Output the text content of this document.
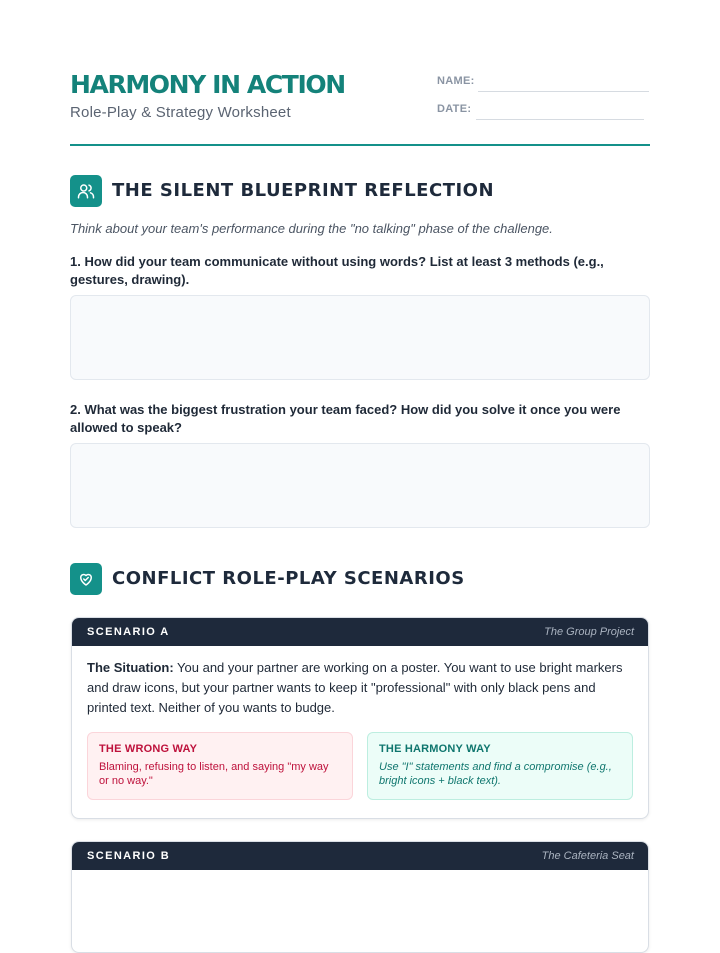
HARMONY IN ACTION
Role-Play & Strategy Worksheet
NAME:
DATE:
THE SILENT BLUEPRINT REFLECTION
Think about your team's performance during the "no talking" phase of the challenge.
1. How did your team communicate without using words? List at least 3 methods (e.g., gestures, drawing).
2. What was the biggest frustration your team faced? How did you solve it once you were allowed to speak?
CONFLICT ROLE-PLAY SCENARIOS
SCENARIO A	The Group Project
The Situation: You and your partner are working on a poster. You want to use bright markers and draw icons, but your partner wants to keep it "professional" with only black pens and printed text. Neither of you wants to budge.
THE WRONG WAY
Blaming, refusing to listen, and saying "my way or no way."
THE HARMONY WAY
Use "I" statements and find a compromise (e.g., bright icons + black text).
SCENARIO B	The Cafeteria Seat
